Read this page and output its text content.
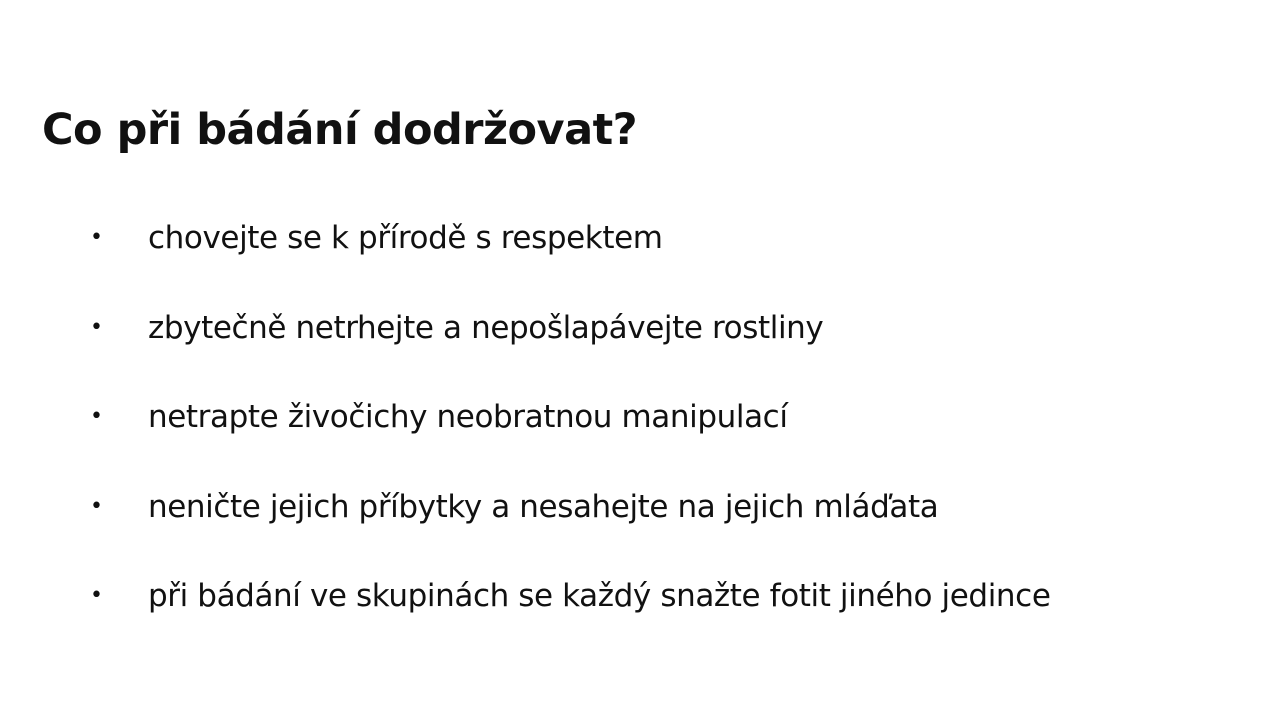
Co při bádání dodržovat?
• chovejte se k přírodě s respektem
• zbytečně netrhejte a nepošlapávejte rostliny
• netrapte živočichy neobratnou manipulací
• neničte jejich příbytky a nesahejte na jejich mláďata
• při bádání ve skupinách se každý snažte fotit jiného jedince
